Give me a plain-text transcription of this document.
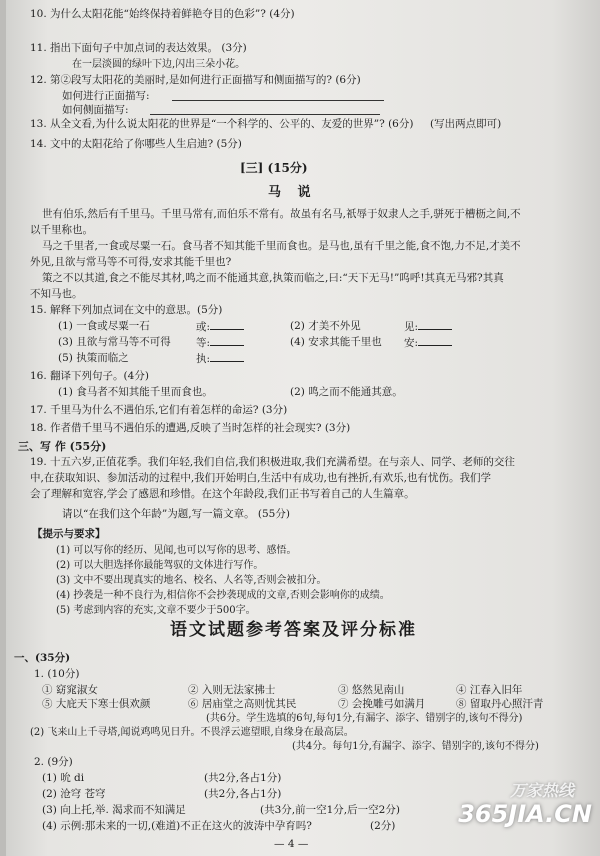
10. 为什么太阳花能“始终保持着鲜艳夺目的色彩”? (4分)
11. 指出下面句子中加点词的表达效果。 (3分)
在一层淡圆的绿叶下边,闪出三朵小花。
12. 第②段写太阳花的美丽时,是如何进行正面描写和侧面描写的? (6分)
如何进行正面描写:
如何侧面描写:
13. 从全文看,为什么说太阳花的世界是“一个科学的、公平的、友爱的世界”? (6分) (写出两点即可)
14. 文中的太阳花给了你哪些人生启迪? (5分)
[三] (15分)
马 说
世有伯乐,然后有千里马。千里马常有,而伯乐不常有。故虽有名马,祇辱于奴隶人之手,骈死于槽枥之间,不
以千里称也。
马之千里者,一食或尽粟一石。食马者不知其能千里而食也。是马也,虽有千里之能,食不饱,力不足,才美不
外见,且欲与常马等不可得,安求其能千里也?
策之不以其道,食之不能尽其材,鸣之而不能通其意,执策而临之,曰:“天下无马!”呜呼!其真无马邪?其真
不知马也。
15. 解释下列加点词在文中的意思。(5分)
(1) 一食或尽粟一石	或:	(2) 才美不外见	见:
(3) 且欲与常马等不可得 等:	(4) 安求其能千里也 安:
(5) 执策而临之	执:
16. 翻译下列句子。(4分)
(1) 食马者不知其能千里而食也。	(2) 鸣之而不能通其意。
17. 千里马为什么不遇伯乐,它们有着怎样的命运? (3分)
18. 作者借千里马不遇伯乐的遭遇,反映了当时怎样的社会现实? (3分)
三、写 作 (55分)
19. 十五六岁,正值花季。我们年轻,我们自信,我们积极进取,我们充满希望。在与亲人、同学、老师的交往
中,在获取知识、参加活动的过程中,我们开始明白,生活中有成功,也有挫折,有欢乐,也有忧伤。我们学
会了理解和宽容,学会了感恩和珍惜。在这个年龄段,我们正书写着自己的人生篇章。
请以“在我们这个年龄”为题,写一篇文章。 (55分)
【提示与要求】
(1) 可以写你的经历、见闻,也可以写你的思考、感悟。
(2) 可以大胆选择你最能驾驭的文体进行写作。
(3) 文中不要出现真实的地名、校名、人名等,否则会被扣分。
(4) 抄袭是一种不良行为,相信你不会抄袭现成的文章,否则会影响你的成绩。
(5) 考虑到内容的充实,文章不要少于500字。
语文试题参考答案及评分标准
一、(35分)
1. (10分)
① 窈窕淑女	② 入则无法家拂士	③ 悠然见南山	④ 江春入旧年
⑤ 大庇天下寒士俱欢颜	⑥ 居庙堂之高则忧其民	⑦ 会挽雕弓如满月	⑧ 留取丹心照汗青
(共6分。学生选填的6句,每句1分,有漏字、添字、错别字的,该句不得分)
(2) 飞来山上千寻塔,闻说鸡鸣见日升。不畏浮云遮望眼,自缘身在最高层。
(共4分。每句1分,有漏字、添字、错别字的,该句不得分)
2. (9分)
(1) 吮 di	(共2分,各占1分)
(2) 沧穹 苍穹	(共2分,各占1分)
(3) 向上托,举. 渴求而不知满足	(共3分,前一空1分,后一空2分)
(4) 示例:那未来的一切,(难道)不正在这火的波涛中孕育吗?	(2分)
— 4 —
万家热线
365JIA.CN
